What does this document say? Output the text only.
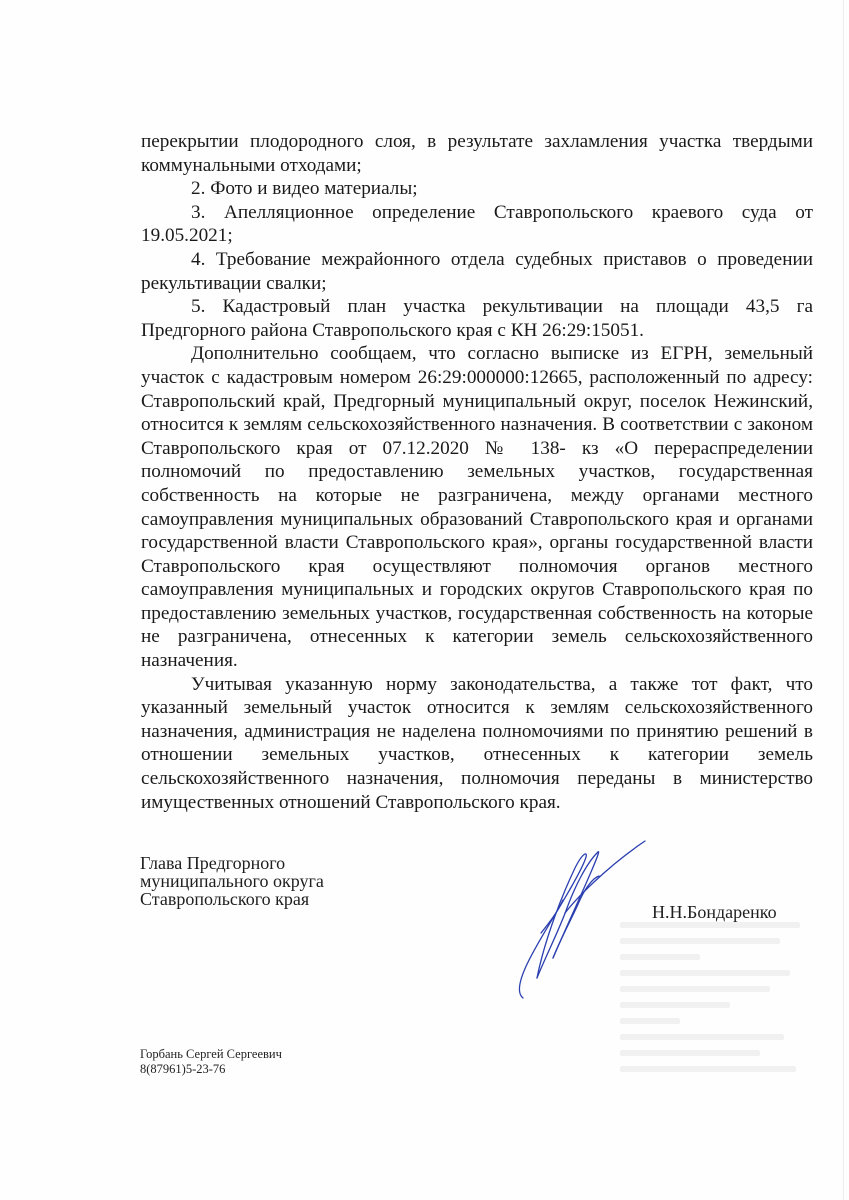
перекрытии плодородного слоя, в результате захламления участка твердыми коммунальными отходами;

2. Фото и видео материалы;

3. Апелляционное определение Ставропольского краевого суда от 19.05.2021;

4. Требование межрайонного отдела судебных приставов о проведении рекультивации свалки;

5. Кадастровый план участка рекультивации на площади 43,5 га Предгорного района Ставропольского края с КН 26:29:15051.

Дополнительно сообщаем, что согласно выписке из ЕГРН, земельный участок с кадастровым номером 26:29:000000:12665, расположенный по адресу: Ставропольский край, Предгорный муниципальный округ, поселок Нежинский, относится к землям сельскохозяйственного назначения. В соответствии с законом Ставропольского края от 07.12.2020 № 138- кз «О перераспределении полномочий по предоставлению земельных участков, государственная собственность на которые не разграничена, между органами местного самоуправления муниципальных образований Ставропольского края и органами государственной власти Ставропольского края», органы государственной власти Ставропольского края осуществляют полномочия органов местного самоуправления муниципальных и городских округов Ставропольского края по предоставлению земельных участков, государственная собственность на которые не разграничена, отнесенных к категории земель сельскохозяйственного назначения.

Учитывая указанную норму законодательства, а также тот факт, что указанный земельный участок относится к землям сельскохозяйственного назначения, администрация не наделена полномочиями по принятию решений в отношении земельных участков, отнесенных к категории земель сельскохозяйственного назначения, полномочия переданы в министерство имущественных отношений Ставропольского края.

Глава Предгорного
муниципального округа
Ставропольского края
Н.Н.Бондаренко
Горбань Сергей Сергеевич
8(87961)5-23-76
